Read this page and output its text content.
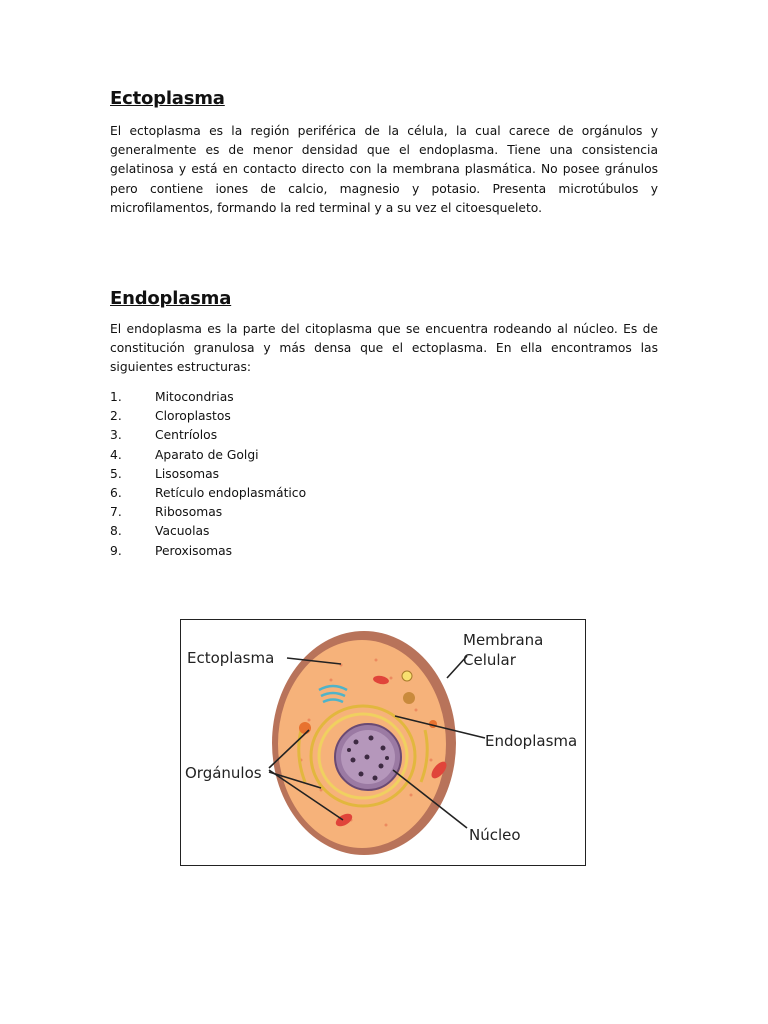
Ectoplasma

El ectoplasma es la región periférica de la célula, la cual carece de orgánulos y generalmente es de menor densidad que el endoplasma. Tiene una consistencia gelatinosa y está en contacto directo con la membrana plasmática. No posee gránulos pero contiene iones de calcio, magnesio y potasio. Presenta microtúbulos y microfilamentos, formando la red terminal y a su vez el citoesqueleto.

Endoplasma

El endoplasma es la parte del citoplasma que se encuentra rodeando al núcleo. Es de constitución granulosa y más densa que el ectoplasma. En ella encontramos las siguientes estructuras:

1.	Mitocondrias
2.	Cloroplastos
3.	Centríolos
4.	Aparato de Golgi
5.	Lisosomas
6.	Retículo endoplasmático
7.	Ribosomas
8.	Vacuolas
9.	Peroxisomas
Ectoplasma
Membrana
Celular
Endoplasma
Orgánulos
Núcleo
